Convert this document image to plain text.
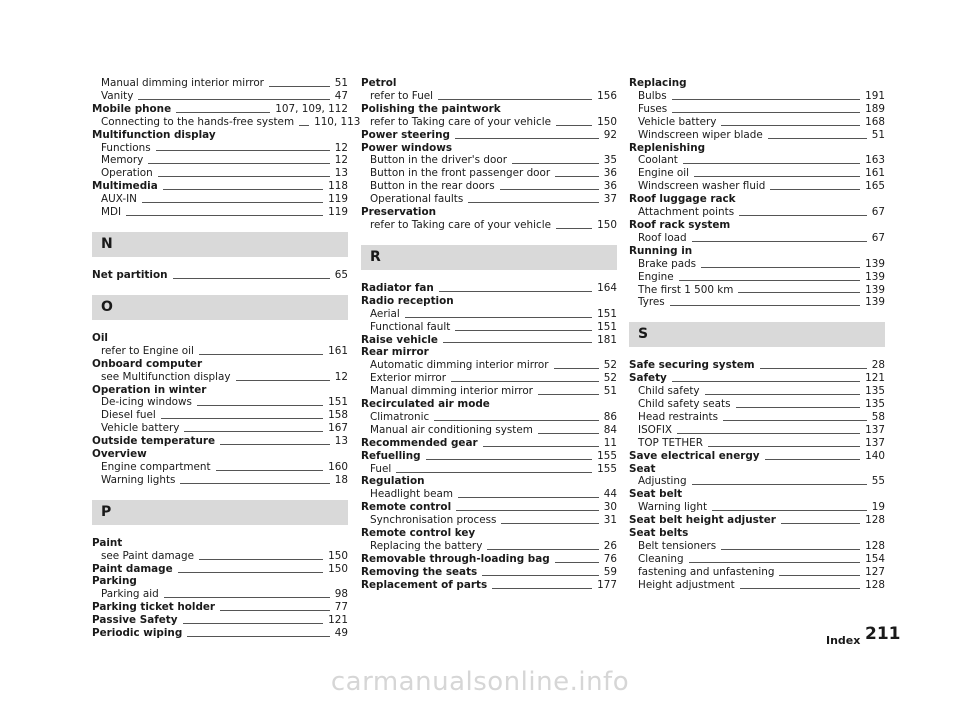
Manual dimming interior mirror	51
Vanity	47
Mobile phone	107, 109, 112
Connecting to the hands-free system 110, 113
Multifunction display
Functions	12
Memory	12
Operation	13
Multimedia	118
AUX-IN	119
MDI	119
N
Net partition	65
O
Oil
refer to Engine oil	161
Onboard computer
see Multifunction display	12
Operation in winter
De-icing windows	151
Diesel fuel	158
Vehicle battery	167
Outside temperature	13
Overview
Engine compartment	160
Warning lights	18
P
Paint
see Paint damage	150
Paint damage	150
Parking
Parking aid	98
Parking ticket holder	77
Passive Safety	121
Periodic wiping	49
Petrol
refer to Fuel	156
Polishing the paintwork
refer to Taking care of your vehicle	150
Power steering	92
Power windows
Button in the driver's door	35
Button in the front passenger door	36
Button in the rear doors	36
Operational faults	37
Preservation
refer to Taking care of your vehicle	150
R
Radiator fan	164
Radio reception
Aerial	151
Functional fault	151
Raise vehicle	181
Rear mirror
Automatic dimming interior mirror	52
Exterior mirror	52
Manual dimming interior mirror	51
Recirculated air mode
Climatronic	86
Manual air conditioning system	84
Recommended gear	11
Refuelling	155
Fuel	155
Regulation
Headlight beam	44
Remote control	30
Synchronisation process	31
Remote control key
Replacing the battery	26
Removable through-loading bag	76
Removing the seats	59
Replacement of parts	177
Replacing
Bulbs	191
Fuses	189
Vehicle battery	168
Windscreen wiper blade	51
Replenishing
Coolant	163
Engine oil	161
Windscreen washer fluid	165
Roof luggage rack
Attachment points	67
Roof rack system
Roof load	67
Running in
Brake pads	139
Engine	139
The first 1 500 km	139
Tyres	139
S
Safe securing system	28
Safety	121
Child safety	135
Child safety seats	135
Head restraints	58
ISOFIX	137
TOP TETHER	137
Save electrical energy	140
Seat
Adjusting	55
Seat belt
Warning light	19
Seat belt height adjuster	128
Seat belts
Belt tensioners	128
Cleaning	154
fastening and unfastening	127
Height adjustment	128
Index 211
carmanualsonline.info
